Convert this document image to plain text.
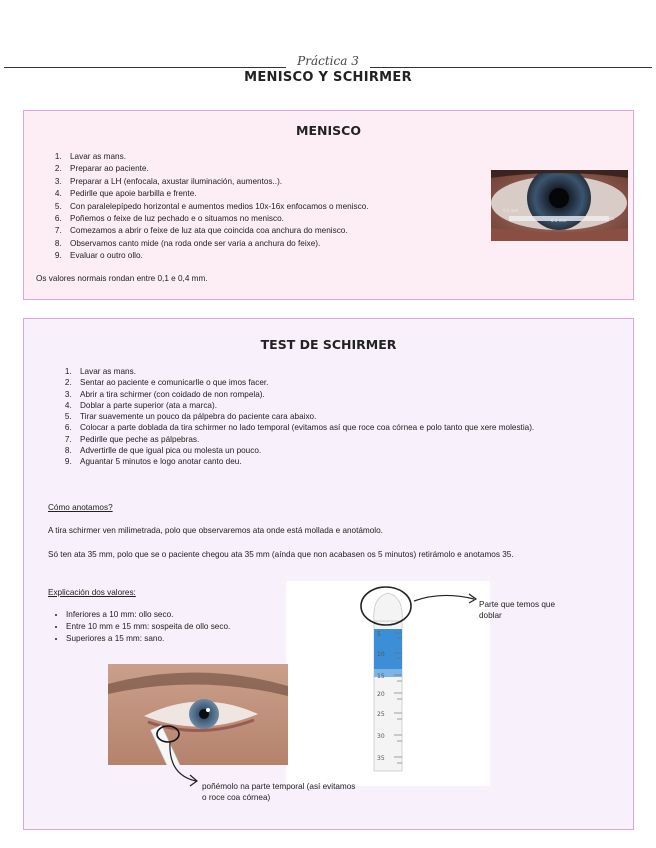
Práctica 3
MENISCO Y SCHIRMER
MENISCO
1. Lavar as mans.
2. Preparar ao paciente.
3. Preparar a LH (enfocala, axustar iluminación, aumentos..).
4. Pedirlle que apoie barbilla e frente.
5. Con paralelepípedo horizontal e aumentos medios 10x-16x enfocamos o menisco.
6. Poñemos o feixe de luz pechado e o situamos no menisco.
7. Comezamos a abrir o feixe de luz ata que coincida coa anchura do menisco.
8. Observamos canto mide (na roda onde ser varia a anchura do feixe).
9. Evaluar o outro ollo.
Os valores normais rondan entre 0,1 e 0,4 mm.
0.5 mm
0.3 mm	0.3 mm
TEST DE SCHIRMER
1. Lavar as mans.
2. Sentar ao paciente e comunicarlle o que imos facer.
3. Abrir a tira schirmer (con coidado de non rompela).
4. Doblar a parte superior (ata a marca).
5. Tirar suavemente un pouco da pálpebra do paciente cara abaixo.
6. Colocar a parte doblada da tira schirmer no lado temporal (evitamos así que roce coa córnea e polo tanto que xere molestia).
7. Pedirlle que peche as pálpebras.
8. Advertirlle de que igual pica ou molesta un pouco.
9. Aguantar 5 minutos e logo anotar canto deu.
Cómo anotamos?
A tira schirmer ven milimetrada, polo que observaremos ata onde está mollada e anotámolo.
Só ten ata 35 mm, polo que se o paciente chegou ata 35 mm (aínda que non acabasen os 5 minutos) retirámolo e anotamos 35.
Explicación dos valores:
• Inferiores a 10 mm: ollo seco.
• Entre 10 mm e 15 mm: sospeita de ollo seco.
• Superiores a 15 mm: sano.	5
10
15
20
25
30
35
Parte que temos que doblar
poñémolo na parte temporal (así evitamos o roce coa córnea)
